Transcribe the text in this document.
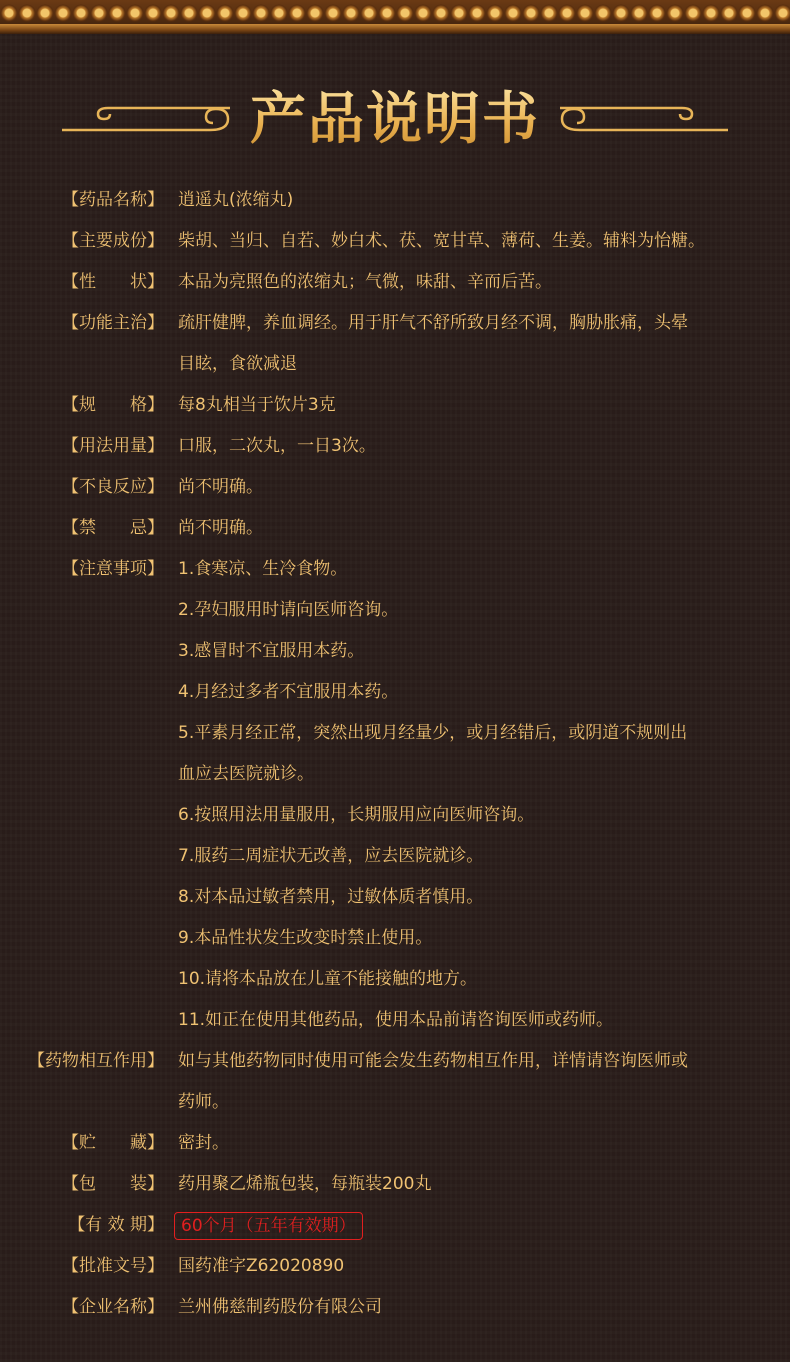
产品说明书
【药品名称】 逍遥丸(浓缩丸)
【主要成份】 柴胡、当归、自若、妙白术、茯、宽甘草、薄荷、生姜。辅料为怡糖。
【性　　状】 本品为亮照色的浓缩丸；气微，味甜、辛而后苦。
【功能主治】 疏肝健脾，养血调经。用于肝气不舒所致月经不调，胸胁胀痛，头晕
目眩，食欲减退
【规　　格】 每8丸相当于饮片3克
【用法用量】 口服，二次丸，一日3次。
【不良反应】 尚不明确。
【禁　　忌】 尚不明确。
【注意事项】 1.食寒凉、生冷食物。
2.孕妇服用时请向医师咨询。
3.感冒时不宜服用本药。
4.月经过多者不宜服用本药。
5.平素月经正常，突然出现月经量少，或月经错后，或阴道不规则出
血应去医院就诊。
6.按照用法用量服用，长期服用应向医师咨询。
7.服药二周症状无改善，应去医院就诊。
8.对本品过敏者禁用，过敏体质者慎用。
9.本品性状发生改变时禁止使用。
10.请将本品放在儿童不能接触的地方。
11.如正在使用其他药品，使用本品前请咨询医师或药师。
【药物相互作用】 如与其他药物同时使用可能会发生药物相互作用，详情请咨询医师或
药师。
【贮　　藏】 密封。
【包　　装】 药用聚乙烯瓶包装，每瓶装200丸
【有 效 期】	60个月（五年有效期）
【批准文号】 国药准字Z62020890
【企业名称】 兰州佛慈制药股份有限公司
